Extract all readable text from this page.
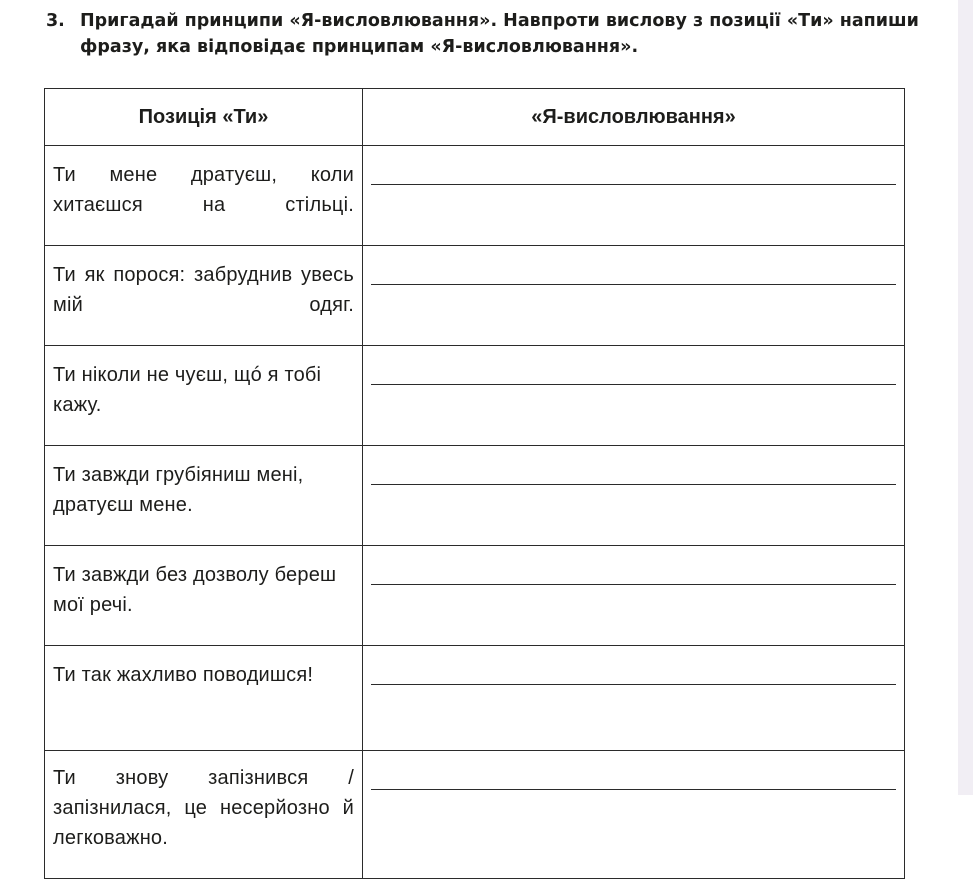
3. Пригадай принципи «Я-висловлювання». Навпроти вислову з позиції «Ти» напиши
фразу, яка відповідає принципам «Я-висловлювання».
Позиція «Ти»	«Я-висловлювання»

Ти мене дратуєш, коли хитаєшся на стільці.	

Ти як порося: забруднив увесь мій одяг.	

Ти ніколи не чуєш, щó я тобі кажу.	

Ти завжди грубіяниш мені, дратуєш мене.	

Ти завжди без дозволу береш мої речі.	

Ти так жахливо поводишся!	

Ти знову запізнився / запізнилася, це несерйозно й легковажно.	
